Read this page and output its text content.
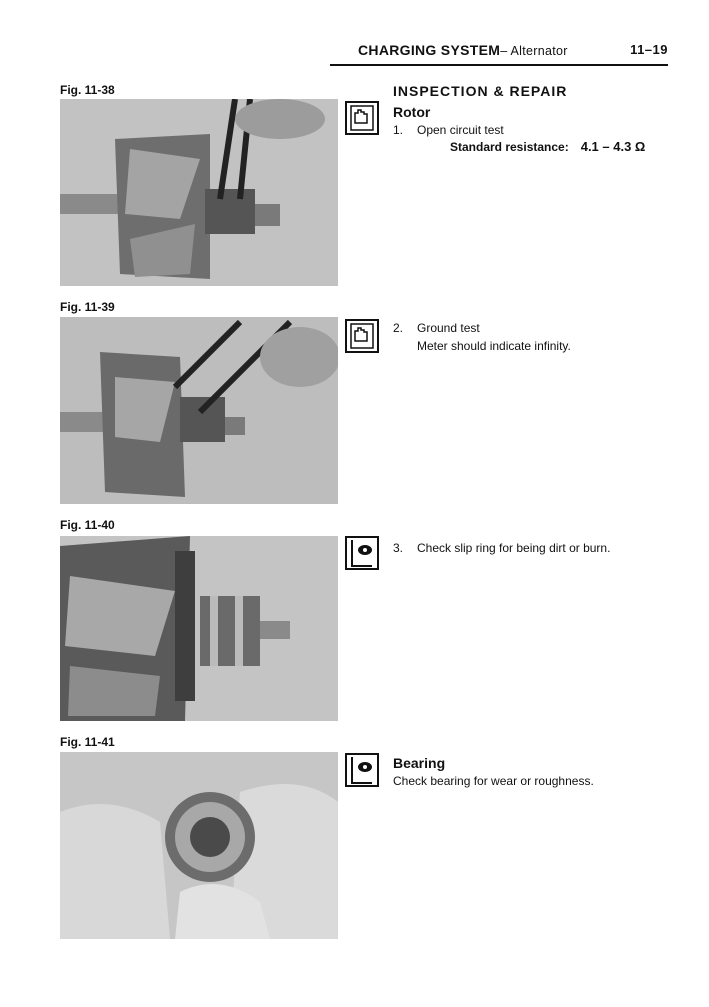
CHARGING SYSTEM– Alternator	11–19
Fig. 11-38
Fig. 11-39
Fig. 11-40
Fig. 11-41
INSPECTION & REPAIR
Rotor
1. Open circuit test
Standard resistance: 4.1 – 4.3 Ω
2. Ground test
Meter should indicate infinity.
3. Check slip ring for being dirt or burn.
Bearing
Check bearing for wear or roughness.
